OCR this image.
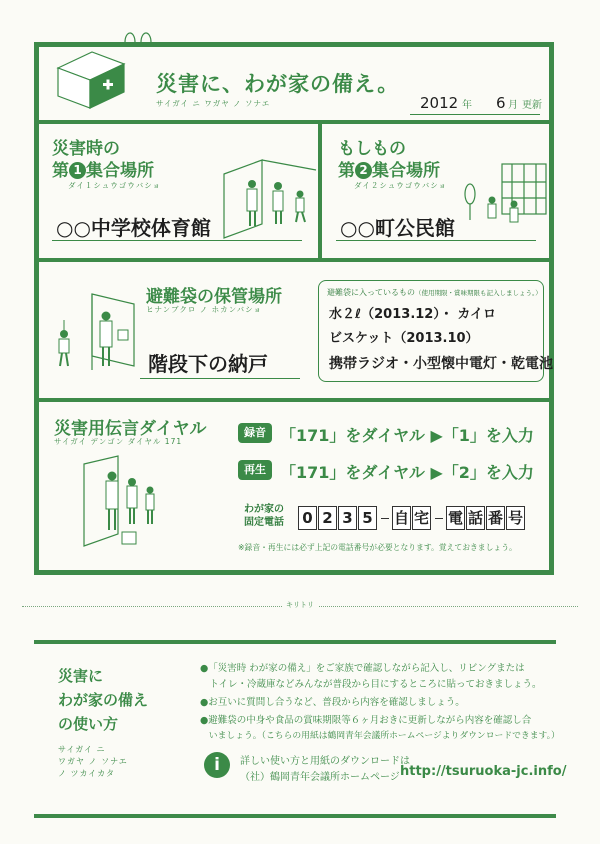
災害に、わが家の備え。
サイガイ ニ ワガヤ ノ ソナエ	2012 年 6 月 更新
災害時の
第 1 集合場所
ダイ１シュウゴウバショ
○○中学校体育館
もしもの
第 2 集合場所
ダイ２シュウゴウバショ
○○町公民館
避難袋の保管場所
ヒナンブクロ ノ ホカンバショ
階段下の納戸
避難袋に入っているもの（使用期限・賞味期限も記入しましょう。）
水２ℓ（2013.12）・ カイロ
ビスケット（2013.10）
携帯ラジオ・小型懐中電灯・乾電池
災害用伝言ダイヤル
サイガイ デンゴン ダイヤル 171
録音 「171」をダイヤル ▶「1」を入力
再生 「171」をダイヤル ▶「2」を入力
わが家の
固定電話 0 2 3 5 自 宅 電 話 番 号
※録音・再生には必ず上記の電話番号が必要となります。覚えておきましょう。
キリトリ
災害に
わが家の備え
の使い方
サイガイ ニ
ワガヤ ノ ソナエ
ノ ツカイカタ
●「災害時 わが家の備え」をご家族で確認しながら記入し、リビングまたは
　トイレ・冷蔵庫などみんなが普段から目にするところに貼っておきましょう。
●お互いに質問し合うなど、普段から内容を確認しましょう。
●避難袋の中身や食品の賞味期限等６ヶ月おきに更新しながら内容を確認し合
　いましょう。（こちらの用紙は鶴岡青年会議所ホームページよりダウンロードできます。）
i	詳しい使い方と用紙のダウンロードは
（社）鶴岡青年会議所ホームページ http://tsuruoka-jc.info/
